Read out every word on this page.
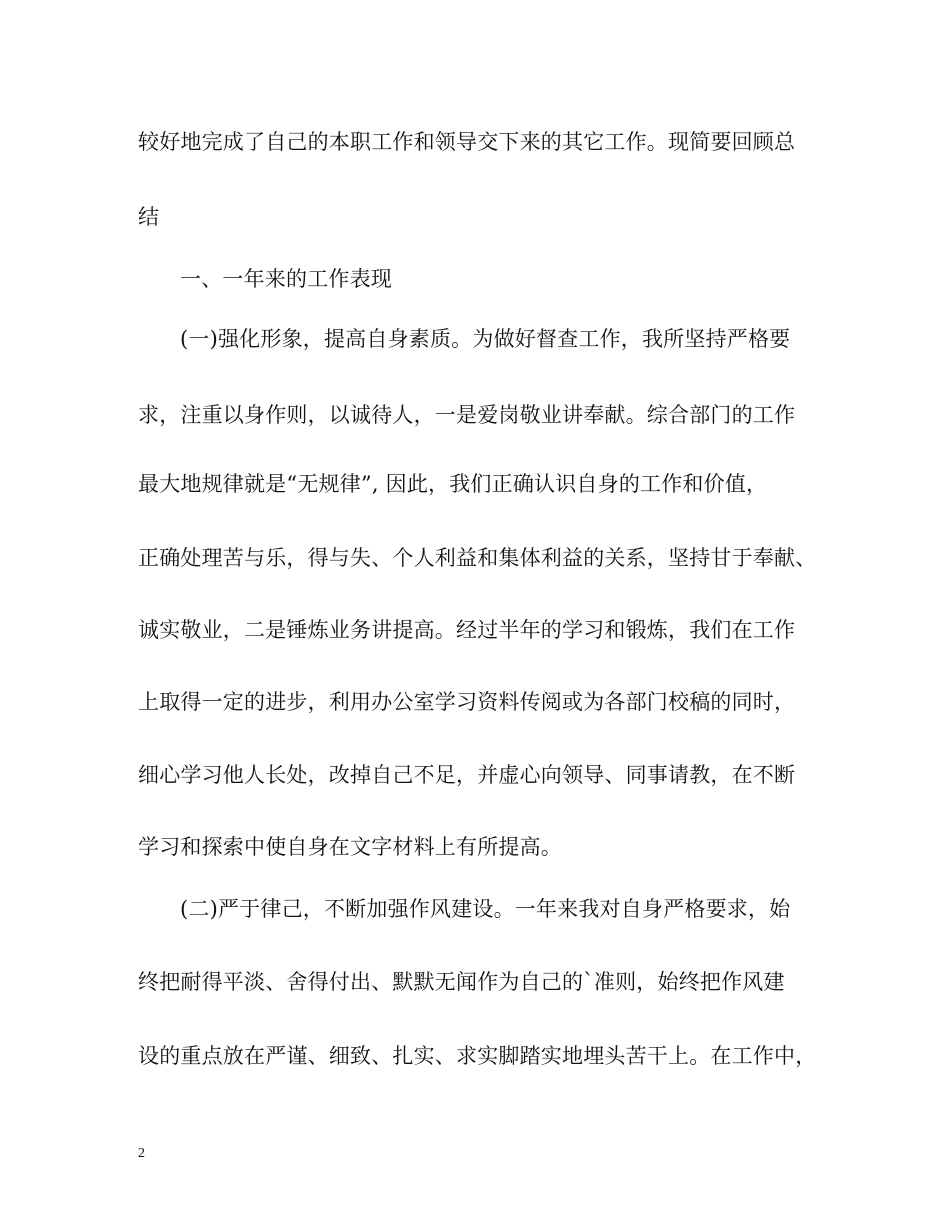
较好地完成了自己的本职工作和领导交下来的其它工作。现简要回顾总
结
一、一年来的工作表现
(一)强化形象，提高自身素质。为做好督查工作，我所坚持严格要
求，注重以身作则，以诚待人，一是爱岗敬业讲奉献。综合部门的工作
最大地规律就是“无规律”, 因此，我们正确认识自身的工作和价值，
正确处理苦与乐，得与失、个人利益和集体利益的关系，坚持甘于奉献、
诚实敬业，二是锤炼业务讲提高。经过半年的学习和锻炼，我们在工作
上取得一定的进步，利用办公室学习资料传阅或为各部门校稿的同时，
细心学习他人长处，改掉自己不足，并虚心向领导、同事请教，在不断
学习和探索中使自身在文字材料上有所提高。
(二)严于律己，不断加强作风建设。一年来我对自身严格要求，始
终把耐得平淡、舍得付出、默默无闻作为自己的`准则，始终把作风建
设的重点放在严谨、细致、扎实、求实脚踏实地埋头苦干上。在工作中，
2
